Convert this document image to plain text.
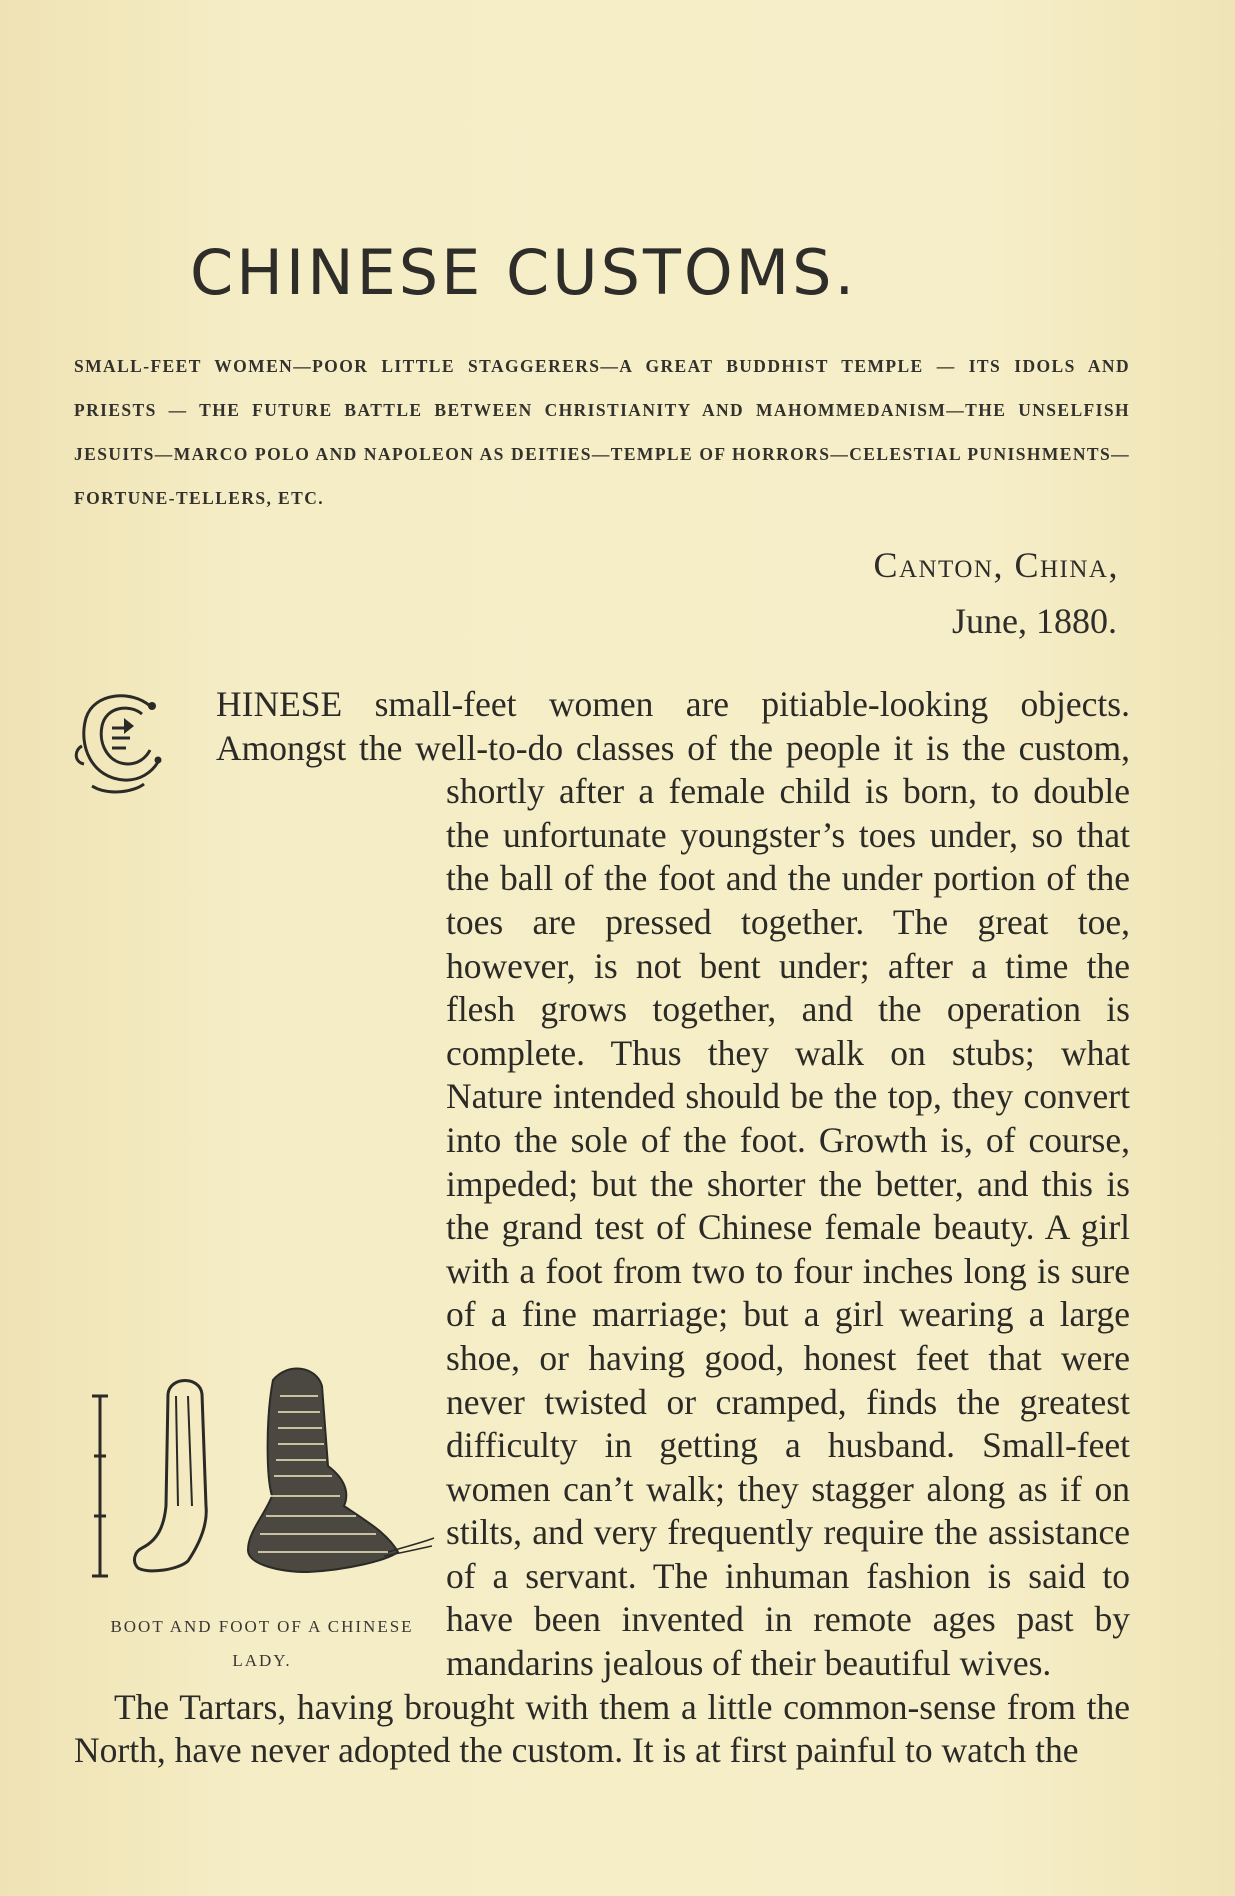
CHINESE CUSTOMS.
SMALL-FEET WOMEN—POOR LITTLE STAGGERERS—A GREAT BUDDHIST TEMPLE — ITS IDOLS AND PRIESTS — THE FUTURE BATTLE BETWEEN CHRISTIANITY AND MAHOMMEDANISM—THE UNSELFISH JESUITS—MARCO POLO AND NAPOLEON AS DEITIES—TEMPLE OF HORRORS—CELESTIAL PUNISHMENTS—FORTUNE-TELLERS, ETC.
Canton, China,
June, 1880.

HINESE small-feet women are pitiable-looking objects. Amongst the well-to-do classes of the people it is the custom, shortly after a female child is born, to double the unfortunate youngster’s toes under, so that the ball of the foot and the under portion of the toes are pressed together. The great toe, however, is not bent under; after a time the flesh grows together, and the operation is complete. Thus they walk on stubs; what Nature intended should be the top, they convert into the sole of the foot. Growth is, of course, impeded; but the shorter the better, and this is the grand test of Chinese female beauty. A girl with a foot from two to four inches long is sure of a fine marriage; but a girl wearing a large shoe, or having good, honest feet that were never twisted or cramped, finds the greatest difficulty in getting a husband. Small-feet women can’t walk; they stagger along as if on stilts, and very frequently require the assistance of a servant. The inhuman fashion is said to have been invented in remote ages past by mandarins jealous of their beautiful wives.

The Tartars, having brought with them a little common-sense from the North, have never adopted the custom. It is at first painful to watch the

BOOT AND FOOT OF A CHINESE LADY.
